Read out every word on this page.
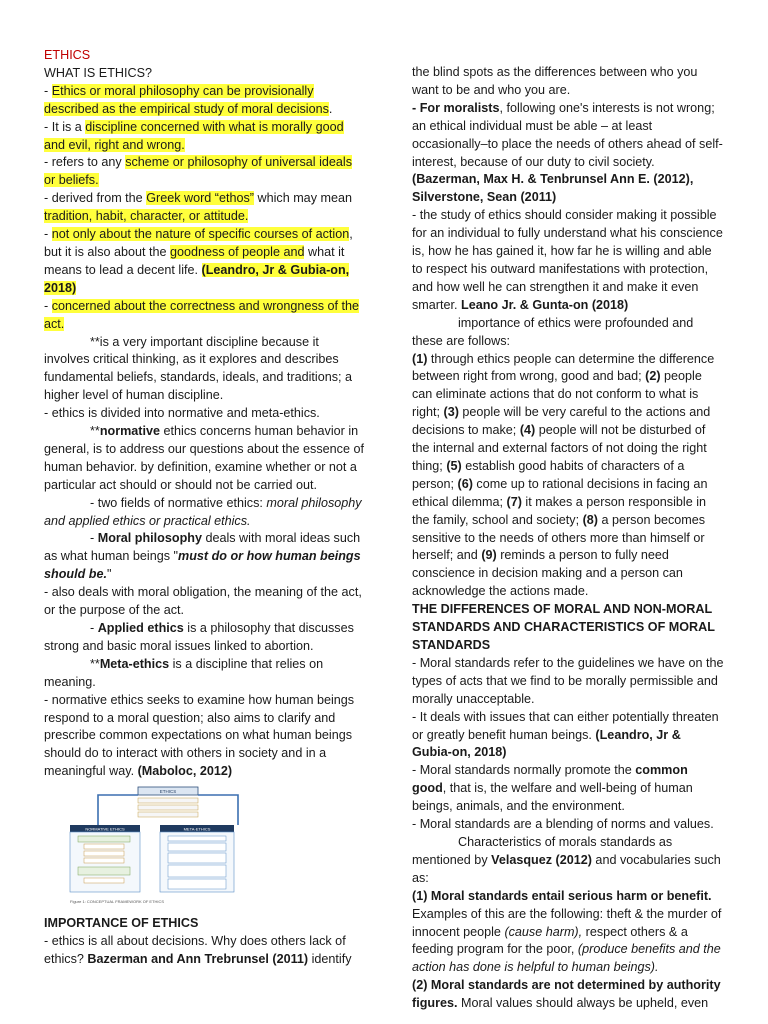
ETHICS

WHAT IS ETHICS?

- Ethics or moral philosophy can be provisionally described as the empirical study of moral decisions.

- It is a discipline concerned with what is morally good and evil, right and wrong.

- refers to any scheme or philosophy of universal ideals or beliefs.

- derived from the Greek word “ethos” which may mean tradition, habit, character, or attitude.

- not only about the nature of specific courses of action, but it is also about the goodness of people and what it means to lead a decent life. (Leandro, Jr & Gubia-on, 2018)

- concerned about the correctness and wrongness of the act.

**is a very important discipline because it involves critical thinking, as it explores and describes fundamental beliefs, standards, ideals, and traditions; a higher level of human discipline.

- ethics is divided into normative and meta-ethics.

**normative ethics concerns human behavior in general, is to address our questions about the essence of human behavior. by definition, examine whether or not a particular act should or should not be carried out.

- two fields of normative ethics: moral philosophy and applied ethics or practical ethics.

- Moral philosophy deals with moral ideas such as what human beings "must do or how human beings should be."

- also deals with moral obligation, the meaning of the act, or the purpose of the act.

- Applied ethics is a philosophy that discusses strong and basic moral issues linked to abortion.

**Meta-ethics is a discipline that relies on meaning.

- normative ethics seeks to examine how human beings respond to a moral question; also aims to clarify and prescribe common expectations on what human beings should do to interact with others in society and in a meaningful way. (Maboloc, 2012)

ETHICS
NORMATIVE ETHICS	META-ETHICS
Figure 1: CONCEPTUAL FRAMEWORK OF ETHICS

IMPORTANCE OF ETHICS

- ethics is all about decisions. Why does others lack of ethics? Bazerman and Ann Trebrunsel (2011) identify

the blind spots as the differences between who you want to be and who you are.

- For moralists, following one's interests is not wrong; an ethical individual must be able – at least occasionally–to place the needs of others ahead of self-interest, because of our duty to civil society. (Bazerman, Max H. & Tenbrunsel Ann E. (2012), Silverstone, Sean (2011)

- the study of ethics should consider making it possible for an individual to fully understand what his conscience is, how he has gained it, how far he is willing and able to respect his outward manifestations with protection, and how well he can strengthen it and make it even smarter. Leano Jr. & Gunta-on (2018)

importance of ethics were profounded and these are follows:

(1) through ethics people can determine the difference between right from wrong, good and bad; (2) people can eliminate actions that do not conform to what is right; (3) people will be very careful to the actions and decisions to make; (4) people will not be disturbed of the internal and external factors of not doing the right thing; (5) establish good habits of characters of a person; (6) come up to rational decisions in facing an ethical dilemma; (7) it makes a person responsible in the family, school and society; (8) a person becomes sensitive to the needs of others more than himself or herself; and (9) reminds a person to fully need conscience in decision making and a person can acknowledge the actions made.

THE DIFFERENCES OF MORAL AND NON-MORAL STANDARDS AND CHARACTERISTICS OF MORAL STANDARDS

- Moral standards refer to the guidelines we have on the types of acts that we find to be morally permissible and morally unacceptable.

- It deals with issues that can either potentially threaten or greatly benefit human beings. (Leandro, Jr & Gubia-on, 2018)

- Moral standards normally promote the common good, that is, the welfare and well-being of human beings, animals, and the environment.

- Moral standards are a blending of norms and values.

Characteristics of morals standards as mentioned by Velasquez (2012) and vocabularies such as:

(1) Moral standards entail serious harm or benefit. Examples of this are the following: theft & the murder of innocent people (cause harm), respect others & a feeding program for the poor, (produce benefits and the action has done is helpful to human beings).

(2) Moral standards are not determined by authority figures. Moral values should always be upheld, even
